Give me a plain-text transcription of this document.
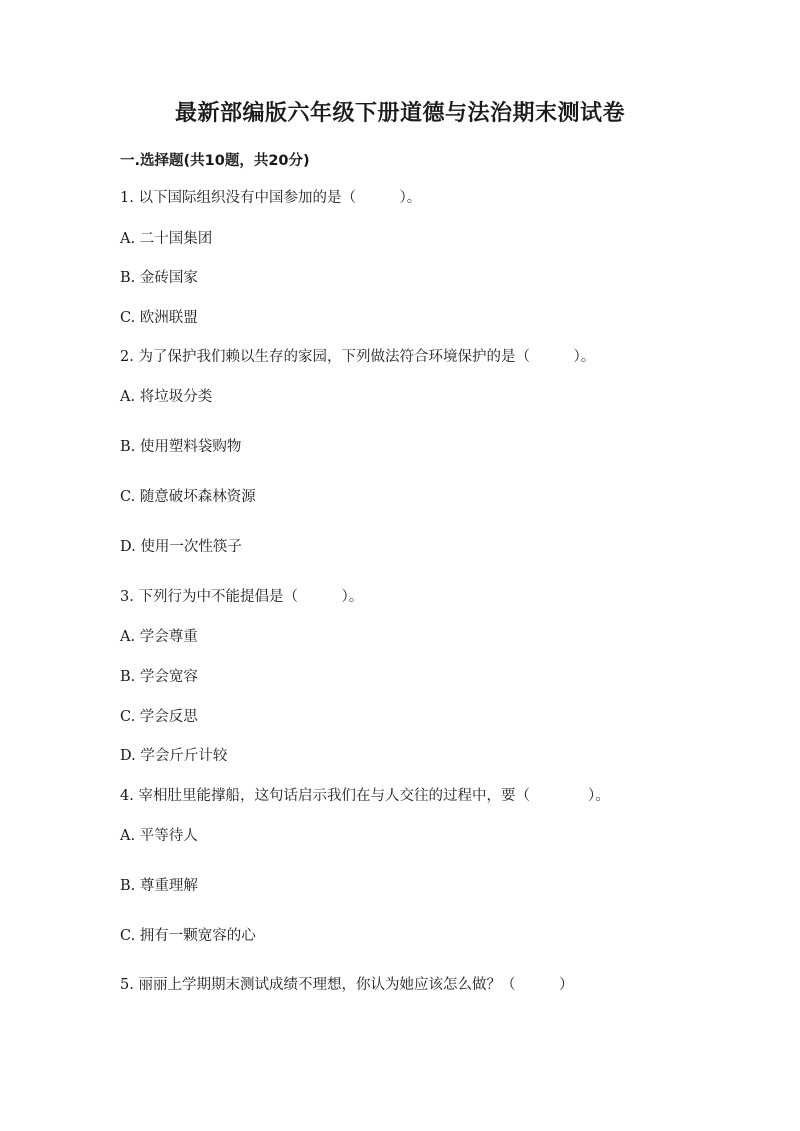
最新部编版六年级下册道德与法治期末测试卷
一.选择题(共10题，共20分)
1. 以下国际组织没有中国参加的是（　　　）。
A. 二十国集团
B. 金砖国家
C. 欧洲联盟
2. 为了保护我们赖以生存的家园，下列做法符合环境保护的是（　　　）。
A. 将垃圾分类
B. 使用塑料袋购物
C. 随意破坏森林资源
D. 使用一次性筷子
3. 下列行为中不能提倡是（　　　）。
A. 学会尊重
B. 学会宽容
C. 学会反思
D. 学会斤斤计较
4. 宰相肚里能撑船，这句话启示我们在与人交往的过程中，要（　　　　）。
A. 平等待人
B. 尊重理解
C. 拥有一颗宽容的心
5. 丽丽上学期期末测试成绩不理想，你认为她应该怎么做？（　　　）
